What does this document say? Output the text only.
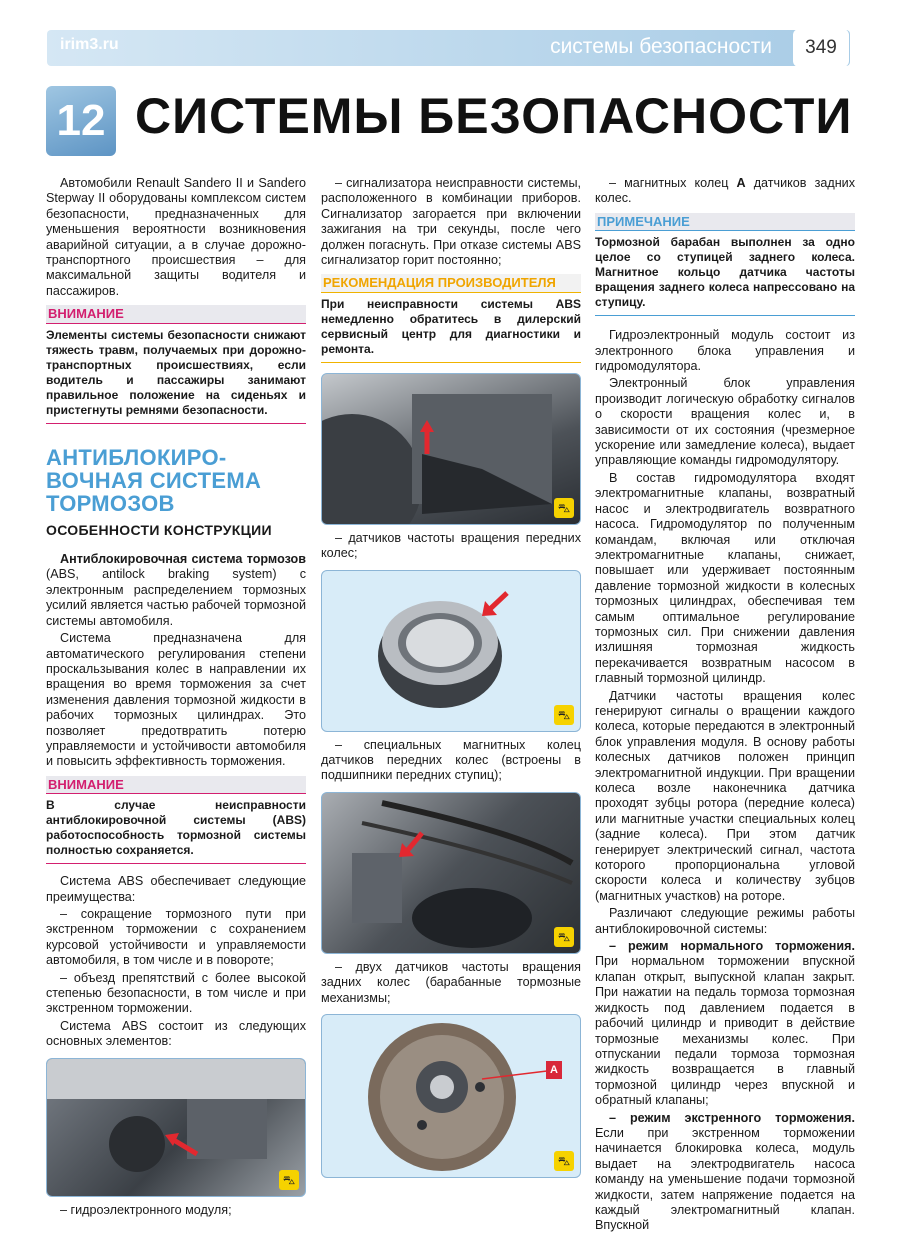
irim3.ru	системы безопасности	349
12 СИСТЕМЫ БЕЗОПАСНОСТИ

Автомобили Renault Sandero II и Sandero Stepway II оборудованы комплексом систем безопасности, предназначенных для уменьшения вероятности возникновения аварийной ситуации, а в случае дорожно-транспортного происшествия – для максимальной защиты водителя и пассажиров.

ВНИМАНИЕ
Элементы системы безопасности снижают тяжесть травм, получаемых при дорожно-транспортных происшествиях, если водитель и пассажиры занимают правильное положение на сиденьях и пристегнуты ремнями безопасности.
АНТИБЛОКИРО-ВОЧНАЯ СИСТЕМА ТОРМОЗОВ
ОСОБЕННОСТИ КОНСТРУКЦИИ

Антиблокировочная система тормозов (ABS, antilock braking system) с электронным распределением тормозных усилий является частью рабочей тормозной системы автомобиля.

Система предназначена для автоматического регулирования степени проскальзывания колес в направлении их вращения во время торможения за счет изменения давления тормозной жидкости в рабочих тормозных цилиндрах. Это позволяет предотвратить потерю управляемости и устойчивости автомобиля и повысить эффективность торможения.

ВНИМАНИЕ
В случае неисправности антиблокировочной системы (ABS) работоспособность тормозной системы полностью сохраняется.

Система ABS обеспечивает следующие преимущества:

– сокращение тормозного пути при экстренном торможении с сохранением курсовой устойчивости и управляемости автомобиля, в том числе и в повороте;

– объезд препятствий с более высокой степенью безопасности, в том числе и при экстренном торможении.

Система ABS состоит из следующих основных элементов:

⛍

– гидроэлектронного модуля;

– сигнализатора неисправности системы, расположенного в комбинации приборов. Сигнализатор загорается при включении зажигания на три секунды, после чего должен погаснуть. При отказе системы ABS сигнализатор горит постоянно;

РЕКОМЕНДАЦИЯ ПРОИЗВОДИТЕЛЯ
При неисправности системы ABS немедленно обратитесь в дилерский сервисный центр для диагностики и ремонта.
⛍

– датчиков частоты вращения передних колес;

⛍

– специальных магнитных колец датчиков передних колес (встроены в подшипники передних ступиц);

⛍

– двух датчиков частоты вращения задних колес (барабанные тормозные механизмы;

A
⛍

– магнитных колец A датчиков задних колес.

ПРИМЕЧАНИЕ
Тормозной барабан выполнен за одно целое со ступицей заднего колеса. Магнитное кольцо датчика частоты вращения заднего колеса напрессовано на ступицу.

Гидроэлектронный модуль состоит из электронного блока управления и гидромодулятора.

Электронный блок управления производит логическую обработку сигналов о скорости вращения колес и, в зависимости от их состояния (чрезмерное ускорение или замедление колеса), выдает управляющие команды гидромодулятору.

В состав гидромодулятора входят электромагнитные клапаны, возвратный насос и электродвигатель возвратного насоса. Гидромодулятор по полученным командам, включая или отключая электромагнитные клапаны, снижает, повышает или удерживает постоянным давление тормозной жидкости в колесных тормозных цилиндрах, обеспечивая тем самым оптимальное регулирование тормозных сил. При снижении давления излишняя тормозная жидкость перекачивается возвратным насосом в главный тормозной цилиндр.

Датчики частоты вращения колес генерируют сигналы о вращении каждого колеса, которые передаются в электронный блок управления модуля. В основу работы колесных датчиков положен принцип электромагнитной индукции. При вращении колеса возле наконечника датчика проходят зубцы ротора (передние колеса) или магнитные участки специальных колец (задние колеса). При этом датчик генерирует электрический сигнал, частота которого пропорциональна угловой скорости колеса и количеству зубцов (магнитных участков) на роторе.

Различают следующие режимы работы антиблокировочной системы:

– режим нормального торможения. При нормальном торможении впускной клапан открыт, выпускной клапан закрыт. При нажатии на педаль тормоза тормозная жидкость под давлением подается в рабочий цилиндр и приводит в действие тормозные механизмы колес. При отпускании педали тормоза тормозная жидкость возвращается в главный тормозной цилиндр через впускной и обратный клапаны;

– режим экстренного торможения. Если при экстренном торможении начинается блокировка колеса, модуль выдает на электродвигатель насоса команду на уменьшение подачи тормозной жидкости, затем напряжение подается на каждый электромагнитный клапан. Впускной
